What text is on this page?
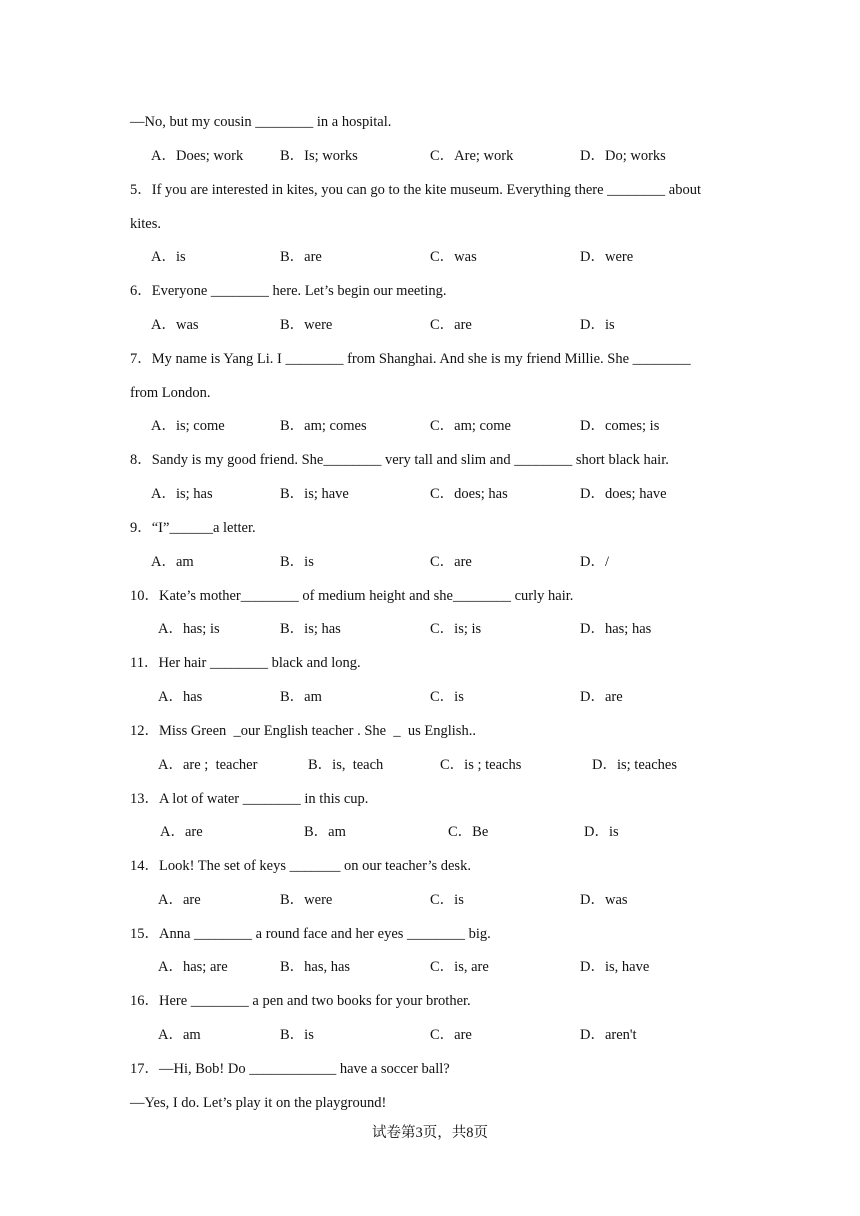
—No, but my cousin ________ in a hospital.
A．Does; work	B．Is; works	C．Are; work	D．Do; works
5．If you are interested in kites, you can go to the kite museum. Everything there ________ about
kites.
A．is	B．are	C．was	D．were
6．Everyone ________ here. Let’s begin our meeting.
A．was	B．were	C．are	D．is
7．My name is Yang Li. I ________ from Shanghai. And she is my friend Millie. She ________
from London.
A．is; come	B．am; comes	C．am; come	D．comes; is
8．Sandy is my good friend. She________ very tall and slim and ________ short black hair.
A．is; has	B．is; have	C．does; has	D．does; have
9．“I”______a letter.
A．am	B．is	C．are	D．/
10．Kate’s mother________ of medium height and she________ curly hair.
A．has; is	B．is; has	C．is; is	D．has; has
11．Her hair ________ black and long.
A．has	B．am	C．is	D．are
12．Miss Green  _our English teacher . She  _  us English..
A．are ;  teacher	B．is,  teach	C．is ; teachs	D．is; teaches
13．A lot of water ________ in this cup.
A．are	B．am	C．Be	D．is
14．Look! The set of keys _______ on our teacher’s desk.
A．are	B．were	C．is	D．was
15．Anna ________ a round face and her eyes ________ big.
A．has; are	B．has, has	C．is, are	D．is, have
16．Here ________ a pen and two books for your brother.
A．am	B．is	C．are	D．aren't
17．—Hi, Bob! Do ____________ have a soccer ball?
—Yes, I do. Let’s play it on the playground!
试卷第3页，共8页
